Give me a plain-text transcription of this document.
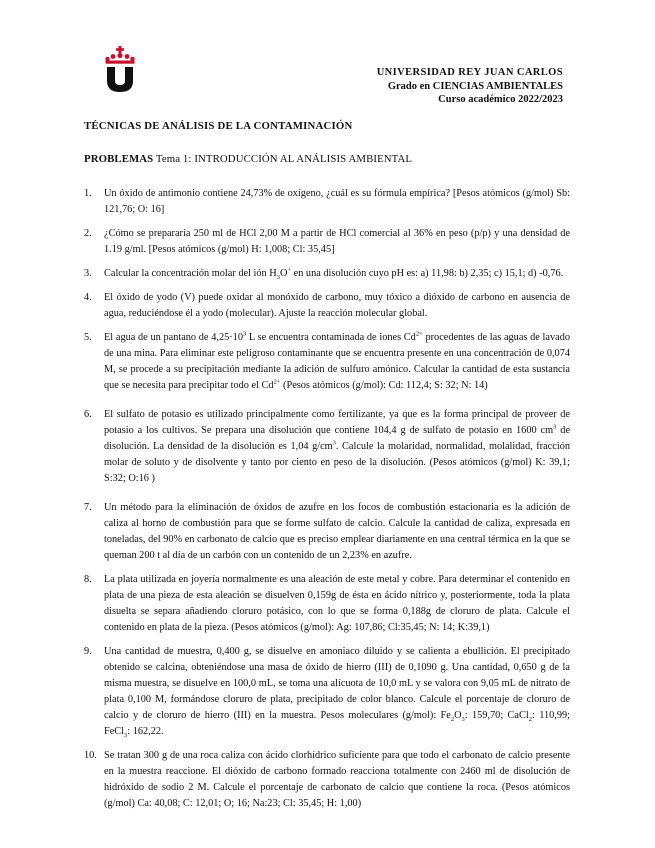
UNIVERSIDAD REY JUAN CARLOS
Grado en CIENCIAS AMBIENTALES
Curso académico 2022/2023
TÉCNICAS DE ANÁLISIS DE LA CONTAMINACIÓN
PROBLEMAS Tema 1: INTRODUCCIÓN AL ANÁLISIS AMBIENTAL
1.	Un óxido de antimonio contiene 24,73% de oxígeno, ¿cuál es su fórmula empírica? [Pesos atómicos (g/mol) Sb: 121,76; O: 16]
2.	¿Cómo se prepararía 250 ml de HCl 2,00 M a partir de HCl comercial al 36% en peso (p/p) y una densidad de 1.19 g/ml. [Pesos atómicos (g/mol) H: 1,008; Cl: 35,45]
3.	Calcular la concentración molar del ión $H_3O^+$ en una disolución cuyo pH es: a) 11,98: b) 2,35; c) 15,1; d) -0,76.
4.	El óxido de yodo (V) puede oxidar al monóxido de carbono, muy tóxico a dióxido de carbono en ausencia de agua, reduciéndose él a yodo (molecular). Ajuste la reacción molecular global.
5.	El agua de un pantano de $4,25\cdot 10^3$ L se encuentra contaminada de iones $Cd^{2+}$ procedentes de las aguas de lavado de una mina. Para eliminar este peligroso contaminante que se encuentra presente en una concentración de 0,074 M, se procede a su precipitación mediante la adición de sulfuro amónico. Calcular la cantidad de esta sustancia que se necesita para precipitar todo el $Cd^{2+}$ (Pesos atómicos (g/mol): Cd: 112,4; S: 32; N: 14)
6.	El sulfato de potasio es utilizado principalmente como fertilizante, ya que es la forma principal de proveer de potasio a los cultivos. Se prepara una disolución que contiene 104,4 g de sulfato de potasio en 1600 $cm^3$ de disolución. La densidad de la disolución es 1,04 $g/cm^3$. Calcule la molaridad, normalidad, molalidad, fracción molar de soluto y de disolvente y tanto por ciento en peso de la disolución. (Pesos atómicos (g/mol) K: 39,1; S:32; O:16 )
7.	Un método para la eliminación de óxidos de azufre en los focos de combustión estacionaria es la adición de caliza al horno de combustión para que se forme sulfato de calcio. Calcule la cantidad de caliza, expresada en toneladas, del 90% en carbonato de calcio que es preciso emplear diariamente en una central térmica en la que se queman 200 t al día de un carbón con un contenido de un 2,23% en azufre.
8.	La plata utilizada en joyería normalmente es una aleación de este metal y cobre. Para determinar el contenido en plata de una pieza de esta aleación se disuelven 0,159g de ésta en ácido nítrico y, posteriormente, toda la plata disuelta se separa añadiendo cloruro potásico, con lo que se forma 0,188g de cloruro de plata. Calcule el contenido en plata de la pieza. (Pesos atómicos (g/mol): Ag: 107,86; Cl:35,45; N: 14; K:39,1)
9.	Una cantidad de muestra, 0,400 g, se disuelve en amoniaco diluido y se calienta a ebullición. El precipitado obtenido se calcina, obteniéndose una masa de óxido de hierro (III) de 0,1090 g. Una cantidad, 0,650 g de la misma muestra, se disuelve en 100,0 mL, se toma una alícuota de 10,0 mL y se valora con 9,05 mL de nitrato de plata 0,100 M, formándose cloruro de plata, precipitado de color blanco. Calcule el porcentaje de cloruro de calcio y de cloruro de hierro (III) en la muestra. Pesos moleculares (g/mol): $Fe_2O_3$: 159,70; CaCl$_2$: 110,99; FeCl$_3$: 162,22.
10. Se tratan 300 g de una roca caliza con ácido clorhídrico suficiente para que todo el carbonato de calcio presente en la muestra reaccione. El dióxido de carbono formado reacciona totalmente con 2460 ml de disolución de hidróxido de sodio 2 M. Calcule el porcentaje de carbonato de calcio que contiene la roca. (Pesos atómicos (g/mol) Ca: 40,08; C: 12,01; O; 16; Na:23; Cl: 35,45; H: 1,00)
